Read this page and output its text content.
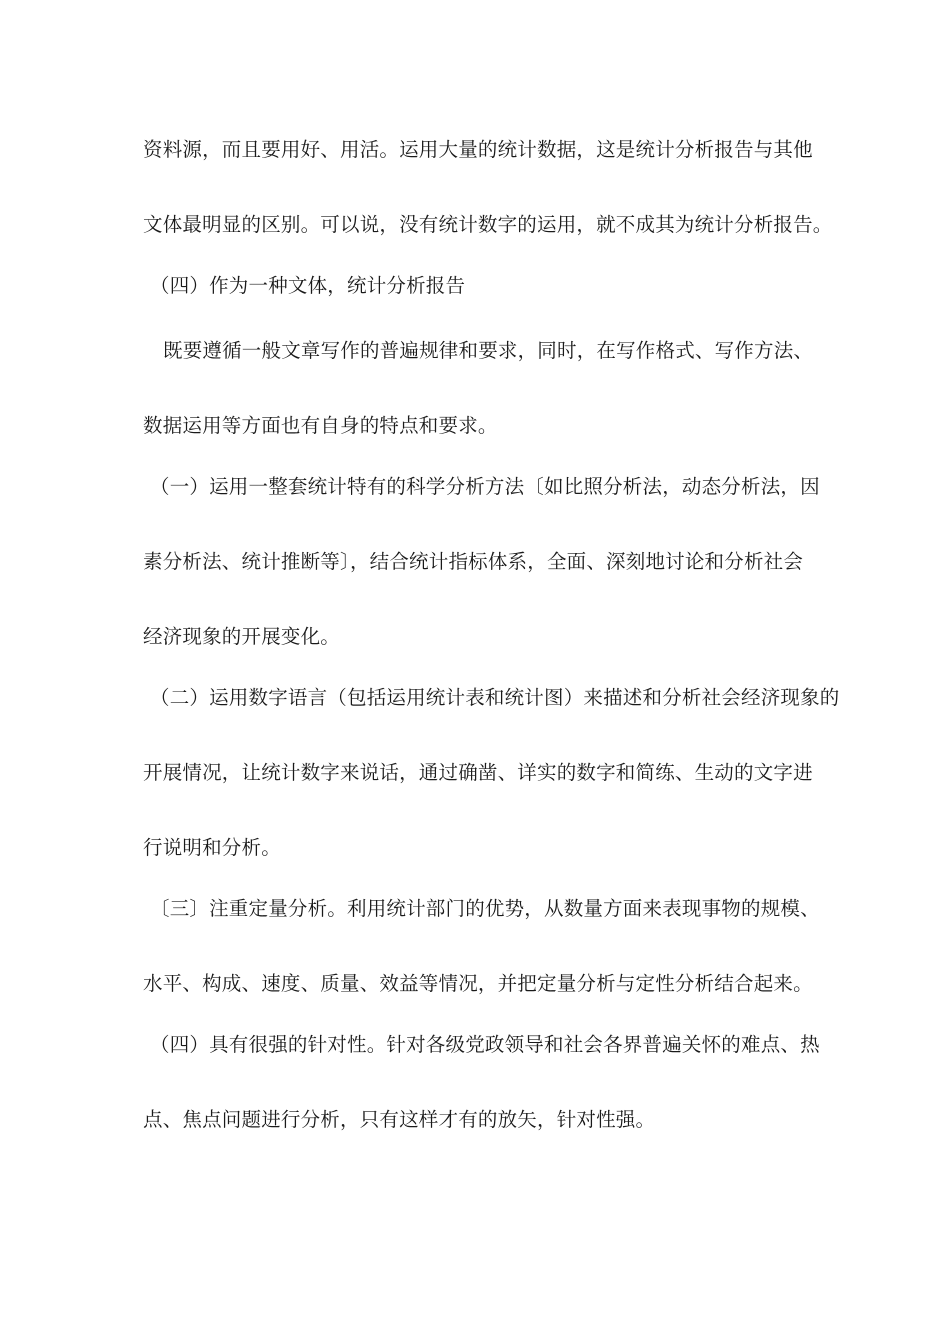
资料源，而且要用好、用活。运用大量的统计数据，这是统计分析报告与其他

文体最明显的区别。可以说，没有统计数字的运用，就不成其为统计分析报告。

（四）作为一种文体，统计分析报告

既要遵循一般文章写作的普遍规律和要求，同时，在写作格式、写作方法、

数据运用等方面也有自身的特点和要求。

（一）运用一整套统计特有的科学分析方法〔如比照分析法，动态分析法，因

素分析法、统计推断等〕，结合统计指标体系，全面、深刻地讨论和分析社会

经济现象的开展变化。

（二）运用数字语言（包括运用统计表和统计图）来描述和分析社会经济现象的

开展情况，让统计数字来说话，通过确凿、详实的数字和简练、生动的文字进

行说明和分析。

〔三〕注重定量分析。利用统计部门的优势，从数量方面来表现事物的规模、

水平、构成、速度、质量、效益等情况，并把定量分析与定性分析结合起来。

（四）具有很强的针对性。针对各级党政领导和社会各界普遍关怀的难点、热

点、焦点问题进行分析，只有这样才有的放矢，针对性强。
